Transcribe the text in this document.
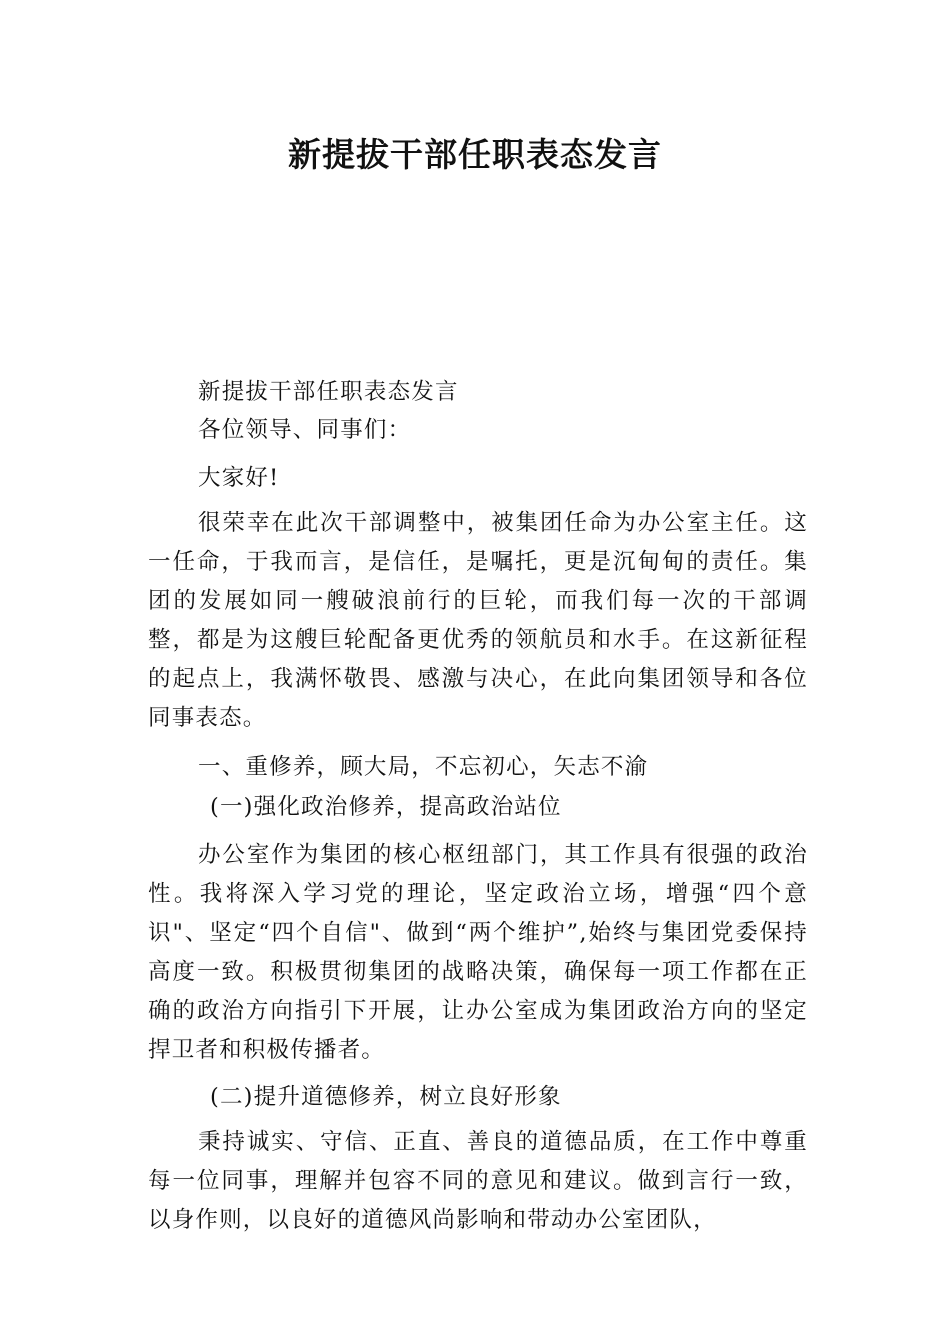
新提拔干部任职表态发言

新提拔干部任职表态发言

各位领导、同事们：

大家好!

很荣幸在此次干部调整中，被集团任命为办公室主任。这一任命，于我而言，是信任，是嘱托，更是沉甸甸的责任。集团的发展如同一艘破浪前行的巨轮，而我们每一次的干部调整，都是为这艘巨轮配备更优秀的领航员和水手。在这新征程的起点上，我满怀敬畏、感激与决心，在此向集团领导和各位同事表态。

一、重修养，顾大局，不忘初心，矢志不渝

(一)强化政治修养，提高政治站位

办公室作为集团的核心枢纽部门，其工作具有很强的政治性。我将深入学习党的理论，坚定政治立场，增强“四个意识"、坚定“四个自信"、做到“两个维护”,始终与集团党委保持高度一致。积极贯彻集团的战略决策，确保每一项工作都在正确的政治方向指引下开展，让办公室成为集团政治方向的坚定捍卫者和积极传播者。

(二)提升道德修养，树立良好形象

秉持诚实、守信、正直、善良的道德品质，在工作中尊重每一位同事，理解并包容不同的意见和建议。做到言行一致，以身作则，以良好的道德风尚影响和带动办公室团队，
